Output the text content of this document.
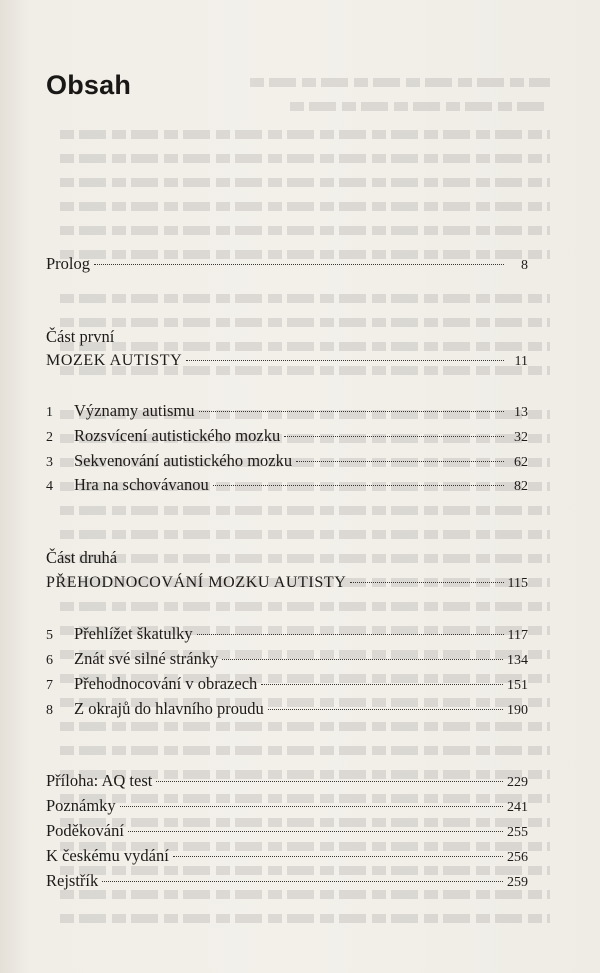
Obsah
Prolog	8
Část první
MOZEK AUTISTY	11
1	Významy autismu	13
2	Rozsvícení autistického mozku	32
3	Sekvenování autistického mozku	62
4	Hra na schovávanou	82
Část druhá
PŘEHODNOCOVÁNÍ MOZKU AUTISTY	115
5	Přehlížet škatulky	117
6	Znát své silné stránky	134
7	Přehodnocování v obrazech	151
8	Z okrajů do hlavního proudu	190
Příloha: AQ test	229
Poznámky	241
Poděkování	255
K českému vydání	256
Rejstřík	259
